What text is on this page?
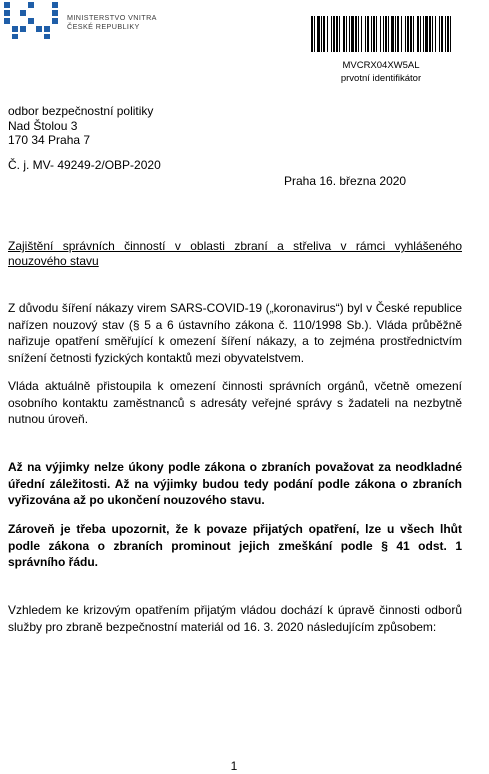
MINISTERSTVO VNITRA
ČESKÉ REPUBLIKY
MVCRX04XW5AL
prvotní identifikátor
odbor bezpečnostní politiky
Nad Štolou 3
170 34 Praha 7
Č. j. MV- 49249-2/OBP-2020
Praha 16. března 2020
Zajištění správních činností v oblasti zbraní a střeliva v rámci vyhlášeného nouzového stavu
Z důvodu šíření nákazy virem SARS-COVID-19 („koronavirus“) byl v České republice nařízen nouzový stav (§ 5 a 6 ústavního zákona č. 110/1998 Sb.). Vláda průběžně nařizuje opatření směřující k omezení šíření nákazy, a to zejména prostřednictvím snížení četnosti fyzických kontaktů mezi obyvatelstvem.
Vláda aktuálně přistoupila k omezení činnosti správních orgánů, včetně omezení osobního kontaktu zaměstnanců s adresáty veřejné správy s žadateli na nezbytně nutnou úroveň.
Až na výjimky nelze úkony podle zákona o zbraních považovat za neodkladné úřední záležitosti. Až na výjimky budou tedy podání podle zákona o zbraních vyřizována až po ukončení nouzového stavu.
Zároveň je třeba upozornit, že k povaze přijatých opatření, lze u všech lhůt podle zákona o zbraních prominout jejich zmeškání podle § 41 odst. 1 správního řádu.
Vzhledem ke krizovým opatřením přijatým vládou dochází k úpravě činnosti odborů služby pro zbraně bezpečnostní materiál od 16. 3. 2020 následujícím způsobem:
1
